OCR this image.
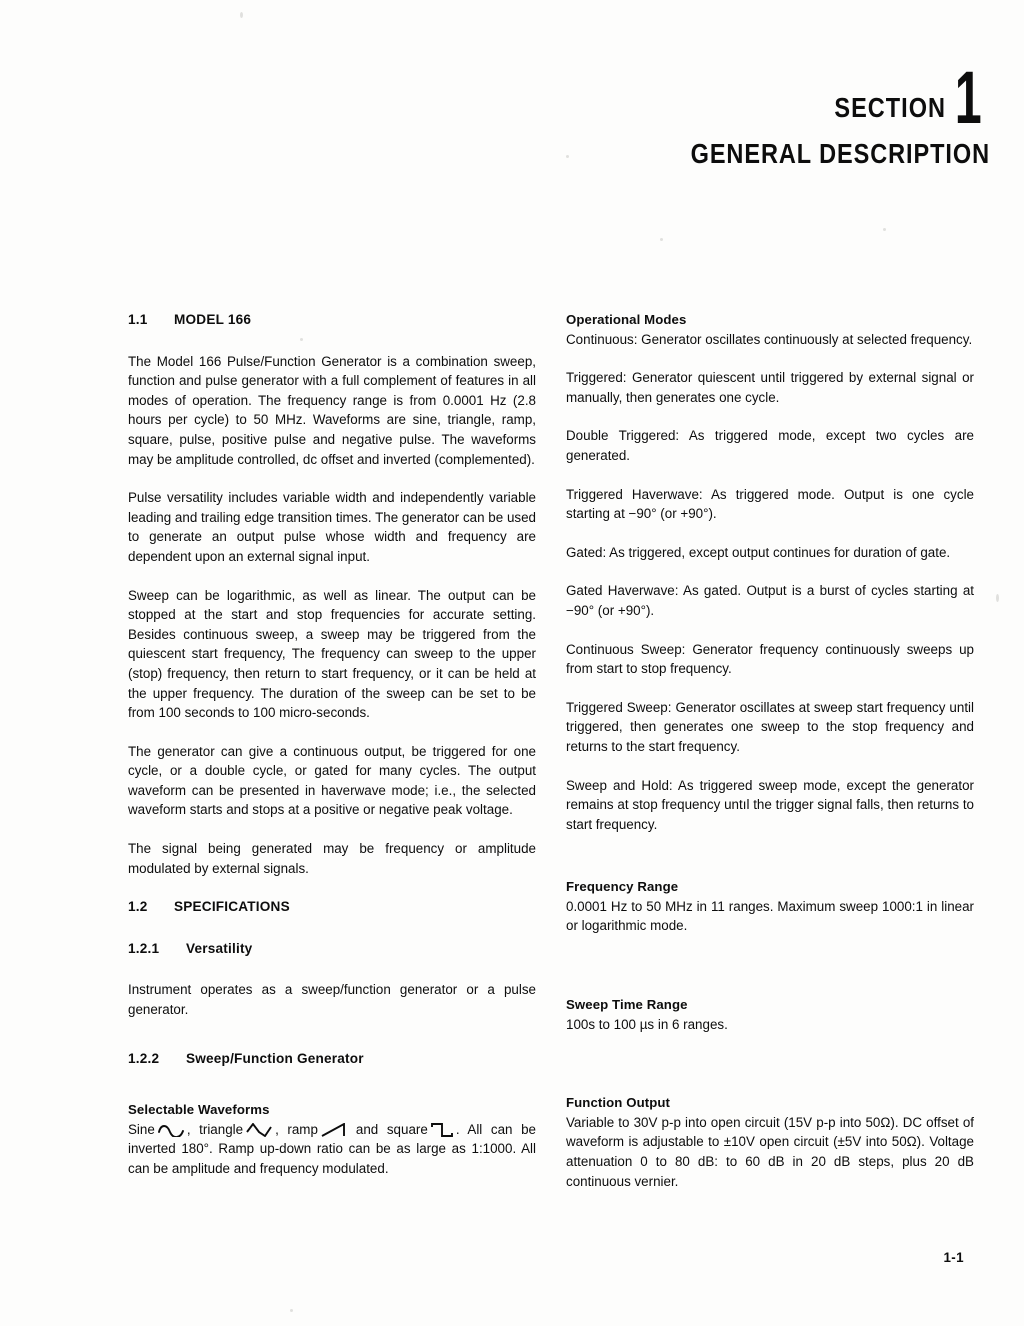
SECTION 1
GENERAL DESCRIPTION
1.1 MODEL 166

The Model 166 Pulse/Function Generator is a combination sweep, function and pulse generator with a full complement of features in all modes of operation. The frequency range is from 0.0001 Hz (2.8 hours per cycle) to 50 MHz. Waveforms are sine, triangle, ramp, square, pulse, positive pulse and negative pulse. The waveforms may be amplitude controlled, dc offset and inverted (complemented).

Pulse versatility includes variable width and independently variable leading and trailing edge transition times. The generator can be used to generate an output pulse whose width and frequency are dependent upon an external signal input.

Sweep can be logarithmic, as well as linear. The output can be stopped at the start and stop frequencies for accurate setting. Besides continuous sweep, a sweep may be triggered from the quiescent start frequency, The frequency can sweep to the upper (stop) frequency, then return to start frequency, or it can be held at the upper frequency. The duration of the sweep can be set to be from 100 seconds to 100 micro-seconds.

The generator can give a continuous output, be triggered for one cycle, or a double cycle, or gated for many cycles. The output waveform can be presented in haverwave mode; i.e., the selected waveform starts and stops at a positive or negative peak voltage.

The signal being generated may be frequency or amplitude modulated by external signals.

1.2 SPECIFICATIONS
1.2.1 Versatility

Instrument operates as a sweep/function generator or a pulse generator.

1.2.2 Sweep/Function Generator

Selectable Waveforms

Sine , triangle , ramp	and square . All can be inverted 180°. Ramp up-down ratio can be as large as 1:1000. All can be amplitude and frequency modulated.

Operational Modes

Continuous: Generator oscillates continuously at selected frequency.

Triggered: Generator quiescent until triggered by external signal or manually, then generates one cycle.

Double Triggered: As triggered mode, except two cycles are generated.

Triggered Haverwave: As triggered mode. Output is one cycle starting at −90° (or +90°).

Gated: As triggered, except output continues for duration of gate.

Gated Haverwave: As gated. Output is a burst of cycles starting at −90° (or +90°).

Continuous Sweep: Generator frequency continuously sweeps up from start to stop frequency.

Triggered Sweep: Generator oscillates at sweep start frequency until triggered, then generates one sweep to the stop frequency and returns to the start frequency.

Sweep and Hold: As triggered sweep mode, except the generator remains at stop frequency untıl the trigger signal falls, then returns to start frequency.

Frequency Range

0.0001 Hz to 50 MHz in 11 ranges. Maximum sweep 1000:1 in linear or logarithmic mode.

Sweep Time Range

100s to 100 µs in 6 ranges.

Function Output

Variable to 30V p-p into open circuit (15V p-p into 50Ω). DC offset of waveform is adjustable to ±10V open circuit (±5V into 50Ω). Voltage attenuation 0 to 80 dB: to 60 dB in 20 dB steps, plus 20 dB continuous vernier.

1-1
